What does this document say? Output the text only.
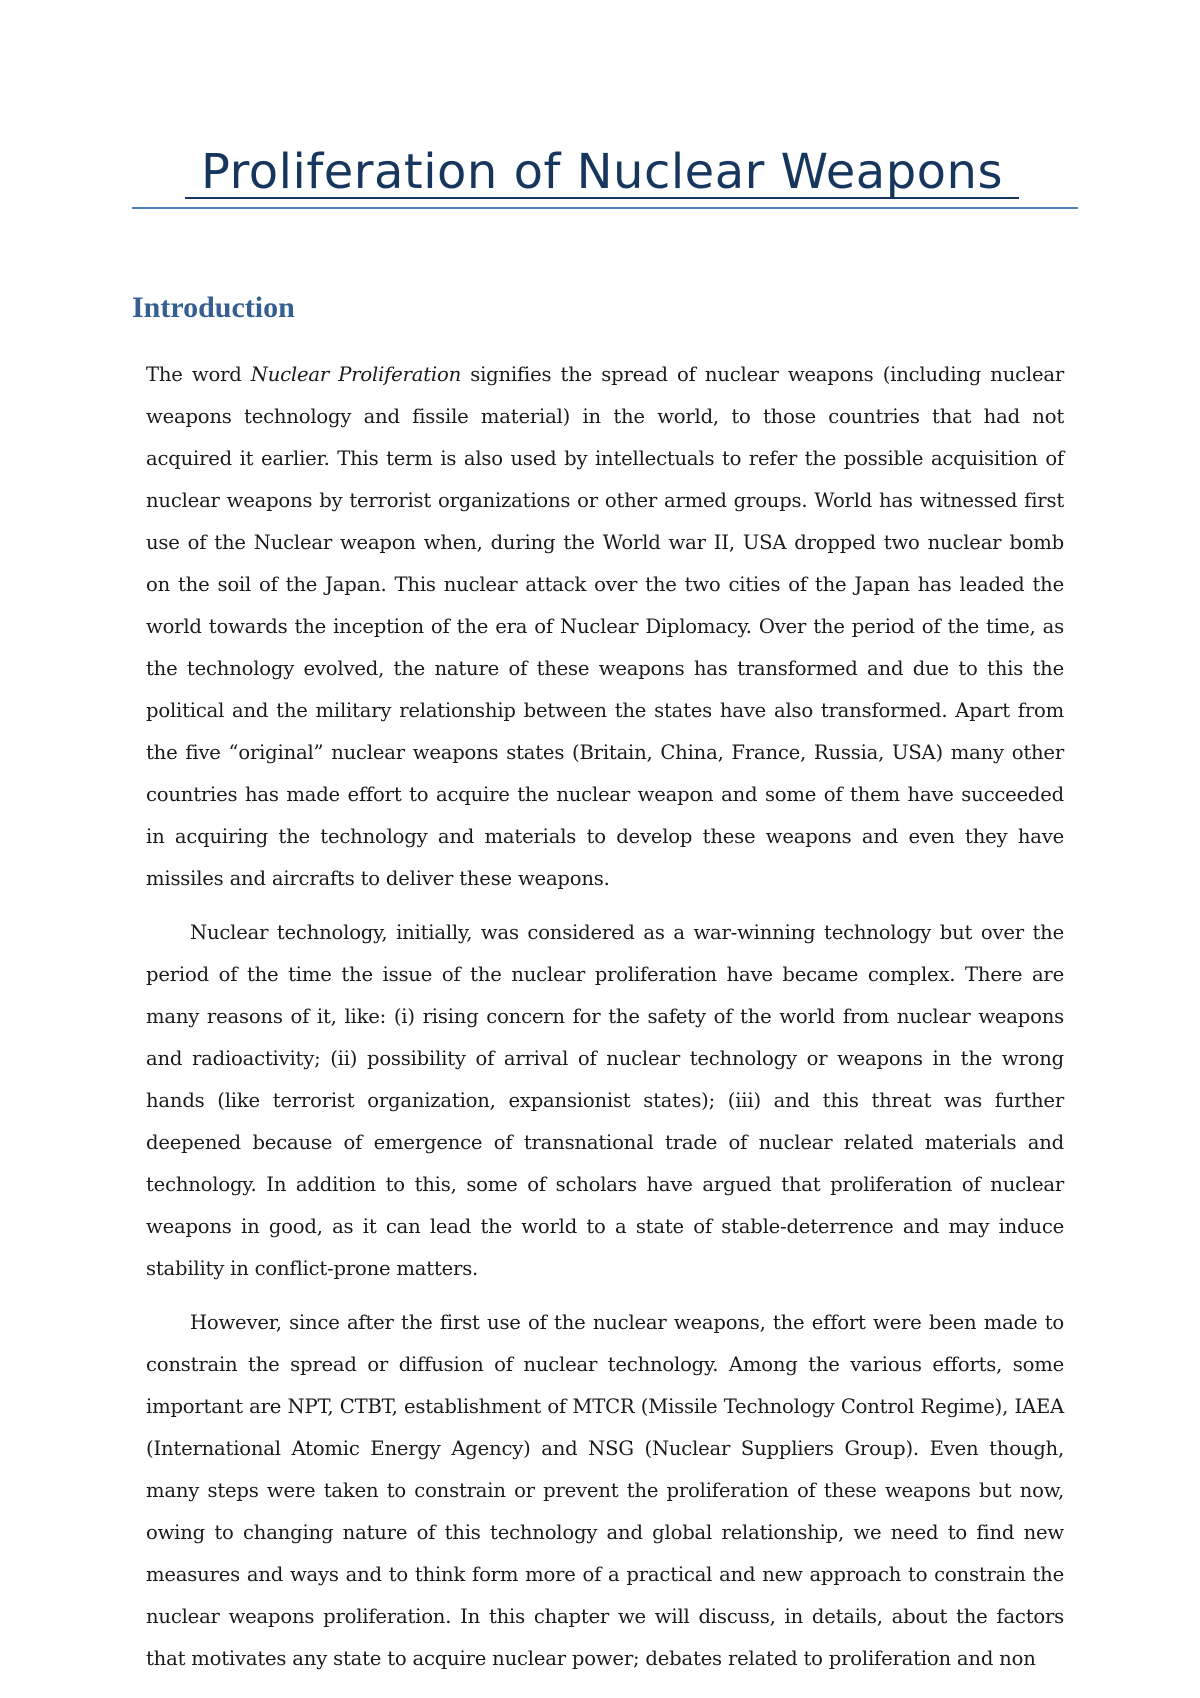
Proliferation of Nuclear Weapons
Introduction

The word Nuclear Proliferation signifies the spread of nuclear weapons (including nuclear weapons technology and fissile material) in the world, to those countries that had not acquired it earlier. This term is also used by intellectuals to refer the possible acquisition of nuclear weapons by terrorist organizations or other armed groups. World has witnessed first use of the Nuclear weapon when, during the World war II, USA dropped two nuclear bomb on the soil of the Japan. This nuclear attack over the two cities of the Japan has leaded the world towards the inception of the era of Nuclear Diplomacy. Over the period of the time, as the technology evolved, the nature of these weapons has transformed and due to this the political and the military relationship between the states have also transformed. Apart from the five “original” nuclear weapons states (Britain, China, France, Russia, USA) many other countries has made effort to acquire the nuclear weapon and some of them have succeeded in acquiring the technology and materials to develop these weapons and even they have missiles and aircrafts to deliver these weapons.

Nuclear technology, initially, was considered as a war-winning technology but over the period of the time the issue of the nuclear proliferation have became complex. There are many reasons of it, like: (i) rising concern for the safety of the world from nuclear weapons and radioactivity; (ii) possibility of arrival of nuclear technology or weapons in the wrong hands (like terrorist organization, expansionist states); (iii) and this threat was further deepened because of emergence of transnational trade of nuclear related materials and technology. In addition to this, some of scholars have argued that proliferation of nuclear weapons in good, as it can lead the world to a state of stable-deterrence and may induce stability in conflict-prone matters.

However, since after the first use of the nuclear weapons, the effort were been made to constrain the spread or diffusion of nuclear technology. Among the various efforts, some important are NPT, CTBT, establishment of MTCR (Missile Technology Control Regime), IAEA (International Atomic Energy Agency) and NSG (Nuclear Suppliers Group). Even though, many steps were taken to constrain or prevent the proliferation of these weapons but now, owing to changing nature of this technology and global relationship, we need to find new measures and ways and to think form more of a practical and new approach to constrain the nuclear weapons proliferation. In this chapter we will discuss, in details, about the factors that motivates any state to acquire nuclear power; debates related to proliferation and non
